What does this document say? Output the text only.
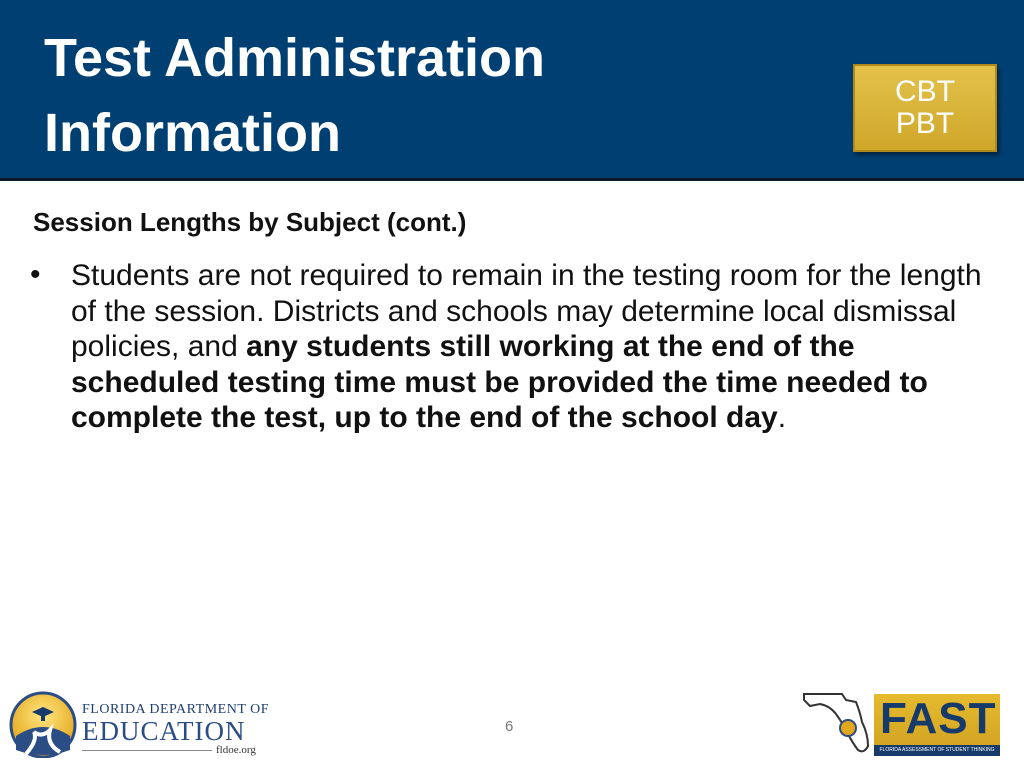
Test Administration
Information
CBT
PBT
Session Lengths by Subject (cont.)
• Students are not required to remain in the testing room for the length of the session. Districts and schools may determine local dismissal policies, and any students still working at the end of the scheduled testing time must be provided the time needed to complete the test, up to the end of the school day.
6
FLORIDA DEPARTMENT OF
EDUCATION
fldoe.org
FAST
FLORIDA ASSESSMENT OF STUDENT THINKING
